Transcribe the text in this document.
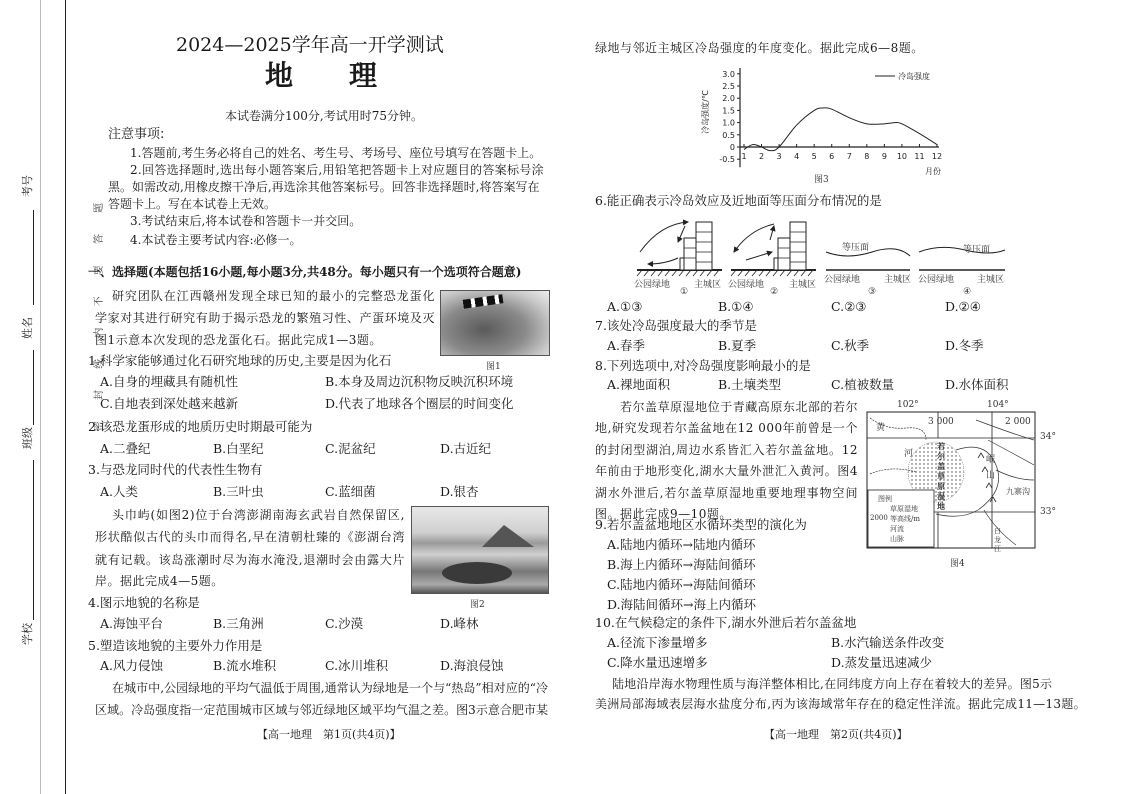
考号
姓名
班级
学校
密 封 线 内 不 要 答 题
2024—2025学年高一开学测试
地　　理
本试卷满分100分,考试用时75分钟。
注意事项:
1.答题前,考生务必将自己的姓名、考生号、考场号、座位号填写在答题卡上。
2.回答选择题时,选出每小题答案后,用铅笔把答题卡上对应题目的答案标号涂
黑。如需改动,用橡皮擦干净后,再选涂其他答案标号。回答非选择题时,将答案写在
答题卡上。写在本试卷上无效。
3.考试结束后,将本试卷和答题卡一并交回。
4.本试卷主要考试内容:必修一。
一、选择题(本题包括16小题,每小题3分,共48分。每小题只有一个选项符合题意)
研究团队在江西赣州发现全球已知的最小的完整恐龙蛋化
学家对其进行研究有助于揭示恐龙的繁殖习性、产蛋环境及灭
图1示意本次发现的恐龙蛋化石。据此完成1—3题。
图1
1.科学家能够通过化石研究地球的历史,主要是因为化石
A.自身的埋藏具有随机性	B.本身及周边沉积物反映沉积环境
C.自地表到深处越来越新	D.代表了地球各个圈层的时间变化
2.该恐龙蛋形成的地质历史时期最可能为
A.二叠纪	B.白垩纪	C.泥盆纪	D.古近纪
3.与恐龙同时代的代表性生物有
A.人类	B.三叶虫	C.蓝细菌	D.银杏
头巾屿(如图2)位于台湾澎湖南海玄武岩自然保留区,
形状酷似古代的头巾而得名,早在清朝杜臻的《澎湖台湾
就有记载。该岛涨潮时尽为海水淹没,退潮时会由露大片
岸。据此完成4—5题。
图2
4.图示地貌的名称是
A.海蚀平台	B.三角洲	C.沙漠	D.峰林
5.塑造该地貌的主要外力作用是
A.风力侵蚀	B.流水堆积	C.冰川堆积	D.海浪侵蚀
在城市中,公园绿地的平均气温低于周围,通常认为绿地是一个与“热岛”相对应的“冷
区域。冷岛强度指一定范围城市区域与邻近绿地区域平均气温之差。图3示意合肥市某
【高一地理　第1页(共4页)】
绿地与邻近主城区冷岛强度的年度变化。据此完成6—8题。
-0.5
0
0.5
1.0
1.5
2.0
2.5
3.0
1 2 3 4 5 6 7 8 9 10 11 12
冷岛强度/℃
月份
冷岛强度
图3
6.能正确表示冷岛效应及近地面等压面分布情况的是
公园绿地	主城区 公园绿地	主城区
等压面
公园绿地	主城区
等压面
公园绿地	主城区
①	②	③	④
A.①③	B.①④	C.②③	D.②④
7.该处冷岛强度最大的季节是
A.春季	B.夏季	C.秋季	D.冬季
8.下列选项中,对冷岛强度影响最小的是
A.裸地面积	B.土壤类型	C.植被数量	D.水体面积
若尔盖草原湿地位于青藏高原东北部的若尔
地,研究发现若尔盖盆地在12 000年前曾是一个
的封闭型湖泊,周边水系皆汇入若尔盖盆地。12
年前由于地形变化,湖水大量外泄汇入黄河。图4
湖水外泄后,若尔盖草原湿地重要地理事物空间
图。据此完成9—10题。
102°	104°
34°
33°
3 000	2 000
黄
河
若尔盖草原湿地
岷山
九寨沟
白龙江
图例
草原湿地
2000 等高线/m
河流
山脉
图4
9.若尔盖盆地地区水循环类型的演化为
A.陆地内循环→陆地内循环
B.海上内循环→海陆间循环
C.陆地内循环→海陆间循环
D.海陆间循环→海上内循环
10.在气候稳定的条件下,湖水外泄后若尔盖盆地
A.径流下渗量增多	B.水汽输送条件改变
C.降水量迅速增多	D.蒸发量迅速减少
陆地沿岸海水物理性质与海洋整体相比,在同纬度方向上存在着较大的差异。图5示
美洲局部海域表层海水盐度分布,丙为该海域常年存在的稳定性洋流。据此完成11—13题。
【高一地理　第2页(共4页)】
